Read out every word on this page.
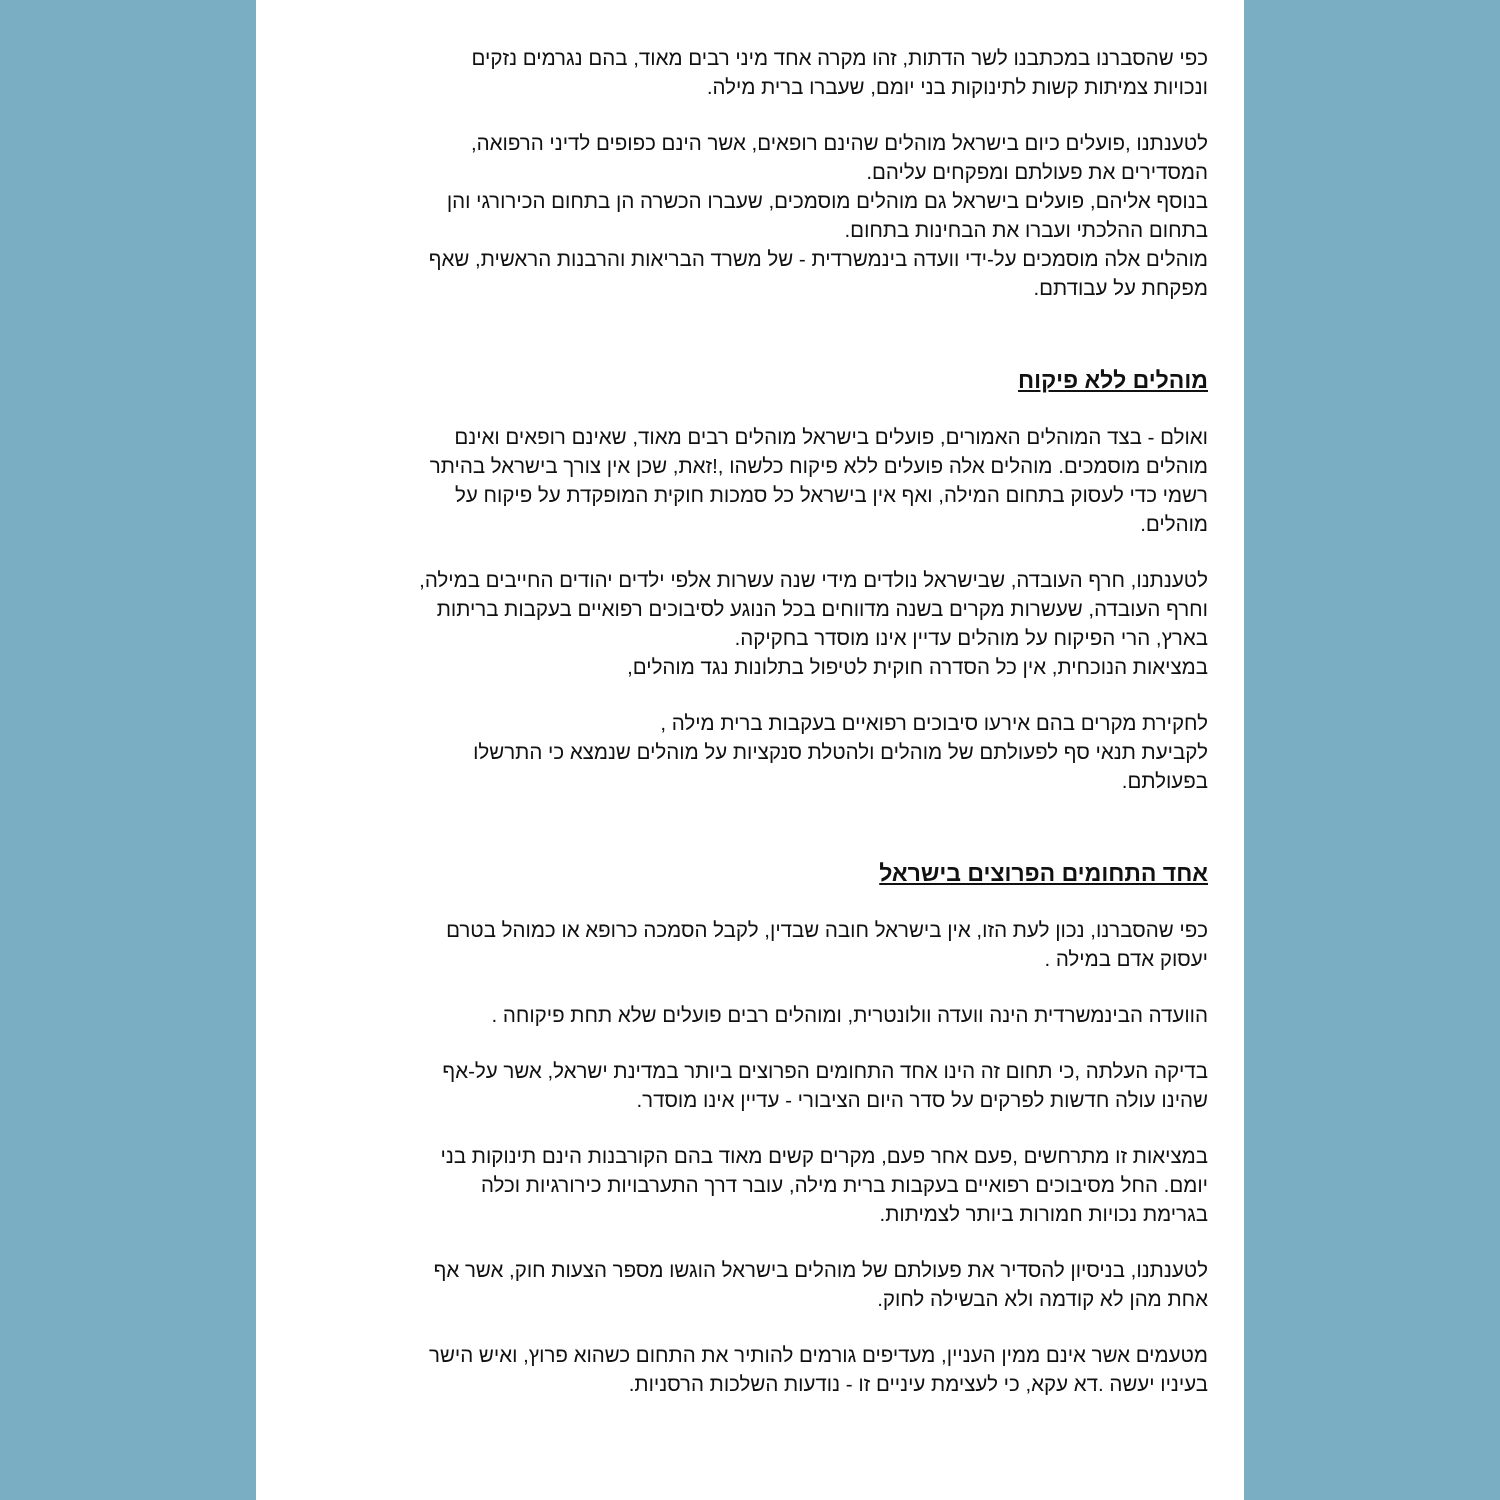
כפי שהסברנו במכתבנו לשר הדתות, זהו מקרה אחד מיני רבים מאוד, בהם נגרמים נזקים
ונכויות צמיתות קשות לתינוקות בני יומם, שעברו ברית מילה.
לטענתנו ,פועלים כיום בישראל מוהלים שהינם רופאים, אשר הינם כפופים לדיני הרפואה,
המסדירים את פעולתם ומפקחים עליהם.
בנוסף אליהם, פועלים בישראל גם מוהלים מוסמכים, שעברו הכשרה הן בתחום הכירורגי והן
בתחום ההלכתי ועברו את הבחינות בתחום.
מוהלים אלה מוסמכים על-ידי וועדה בינמשרדית - של משרד הבריאות והרבנות הראשית, שאף
מפקחת על עבודתם.
מוהלים ללא פיקוח
ואולם - בצד המוהלים האמורים, פועלים בישראל מוהלים רבים מאוד, שאינם רופאים ואינם
מוהלים מוסמכים. מוהלים אלה פועלים ללא פיקוח כלשהו ,!זאת, שכן אין צורך בישראל בהיתר
רשמי כדי לעסוק בתחום המילה, ואף אין בישראל כל סמכות חוקית המופקדת על פיקוח על
מוהלים.
לטענתנו, חרף העובדה, שבישראל נולדים מידי שנה עשרות אלפי ילדים יהודים החייבים במילה,
וחרף העובדה, שעשרות מקרים בשנה מדווחים בכל הנוגע לסיבוכים רפואיים בעקבות בריתות
בארץ, הרי הפיקוח על מוהלים עדיין אינו מוסדר בחקיקה.
במציאות הנוכחית, אין כל הסדרה חוקית לטיפול בתלונות נגד מוהלים,
לחקירת מקרים בהם אירעו סיבוכים רפואיים בעקבות ברית מילה ,
לקביעת תנאי סף לפעולתם של מוהלים ולהטלת סנקציות על מוהלים שנמצא כי התרשלו
בפעולתם.
אחד התחומים הפרוצים בישראל
כפי שהסברנו, נכון לעת הזו, אין בישראל חובה שבדין, לקבל הסמכה כרופא או כמוהל בטרם
יעסוק אדם במילה .
הוועדה הבינמשרדית הינה וועדה וולונטרית, ומוהלים רבים פועלים שלא תחת פיקוחה .
בדיקה העלתה ,כי תחום זה הינו אחד התחומים הפרוצים ביותר במדינת ישראל, אשר על-אף
שהינו עולה חדשות לפרקים על סדר היום הציבורי - עדיין אינו מוסדר.
במציאות זו מתרחשים ,פעם אחר פעם, מקרים קשים מאוד בהם הקורבנות הינם תינוקות בני
יומם. החל מסיבוכים רפואיים בעקבות ברית מילה, עובר דרך התערבויות כירורגיות וכלה
בגרימת נכויות חמורות ביותר לצמיתות.
לטענתנו, בניסיון להסדיר את פעולתם של מוהלים בישראל הוגשו מספר הצעות חוק, אשר אף
אחת מהן לא קודמה ולא הבשילה לחוק.
מטעמים אשר אינם ממין העניין, מעדיפים גורמים להותיר את התחום כשהוא פרוץ, ואיש הישר
בעיניו יעשה .דא עקא, כי לעצימת עיניים זו - נודעות השלכות הרסניות.
